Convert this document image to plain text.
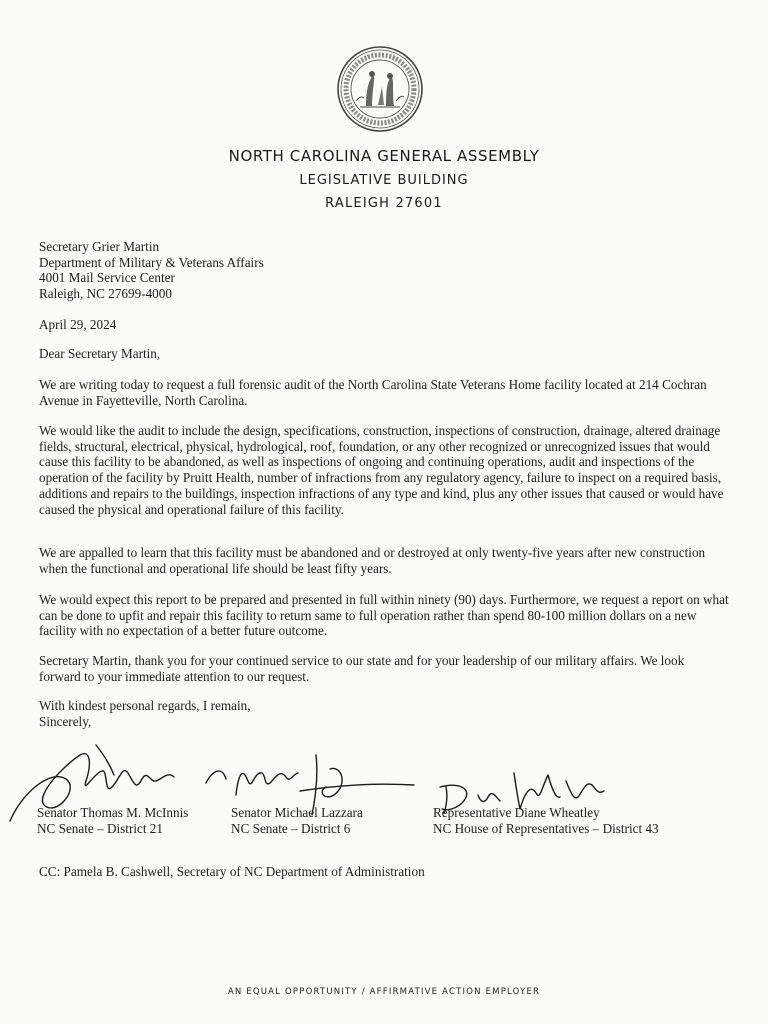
NORTH CAROLINA GENERAL ASSEMBLY
LEGISLATIVE BUILDING
RALEIGH 27601
Secretary Grier Martin
Department of Military & Veterans Affairs
4001 Mail Service Center
Raleigh, NC 27699-4000
April 29, 2024
Dear Secretary Martin,
We are writing today to request a full forensic audit of the North Carolina State Veterans Home facility located at 214 Cochran Avenue in Fayetteville, North Carolina.
We would like the audit to include the design, specifications, construction, inspections of construction, drainage, altered drainage fields, structural, electrical, physical, hydrological, roof, foundation, or any other recognized or unrecognized issues that would cause this facility to be abandoned, as well as inspections of ongoing and continuing operations, audit and inspections of the operation of the facility by Pruitt Health, number of infractions from any regulatory agency, failure to inspect on a required basis, additions and repairs to the buildings, inspection infractions of any type and kind, plus any other issues that caused or would have caused the physical and operational failure of this facility.
We are appalled to learn that this facility must be abandoned and or destroyed at only twenty-five years after new construction when the functional and operational life should be least fifty years.
We would expect this report to be prepared and presented in full within ninety (90) days. Furthermore, we request a report on what can be done to upfit and repair this facility to return same to full operation rather than spend 80-100 million dollars on a new facility with no expectation of a better future outcome.
Secretary Martin, thank you for your continued service to our state and for your leadership of our military affairs. We look forward to your immediate attention to our request.
With kindest personal regards, I remain,
Sincerely,
Senator Thomas M. McInnis
NC Senate – District 21
Senator Michael Lazzara
NC Senate – District 6
Representative Diane Wheatley
NC House of Representatives – District 43
CC: Pamela B. Cashwell, Secretary of NC Department of Administration
AN EQUAL OPPORTUNITY / AFFIRMATIVE ACTION EMPLOYER
